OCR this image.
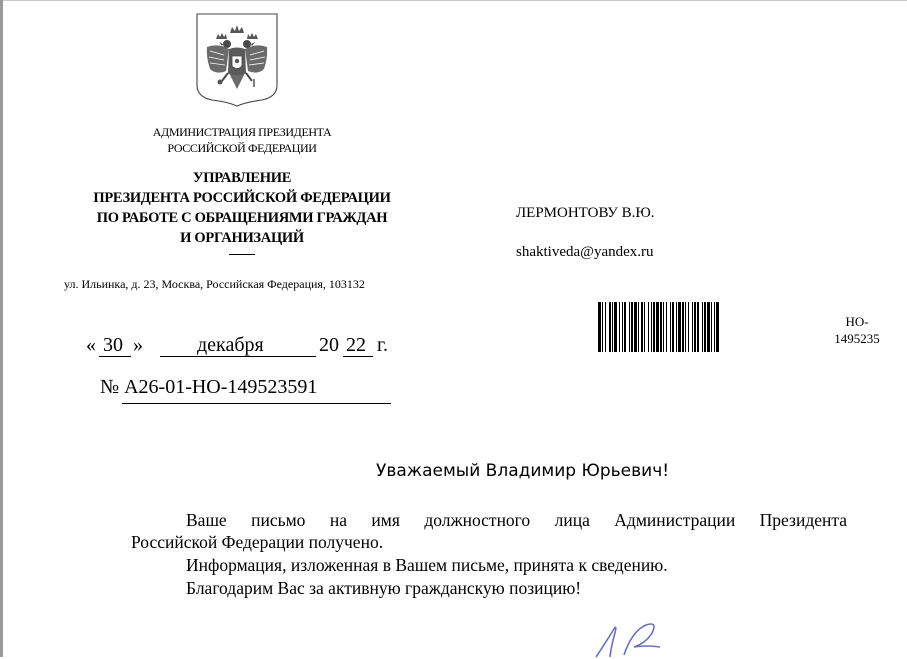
АДМИНИСТРАЦИЯ ПРЕЗИДЕНТА
РОССИЙСКОЙ ФЕДЕРАЦИИ
УПРАВЛЕНИЕ
ПРЕЗИДЕНТА РОССИЙСКОЙ ФЕДЕРАЦИИ
ПО РАБОТЕ С ОБРАЩЕНИЯМИ ГРАЖДАН
И ОРГАНИЗАЦИЙ
ул. Ильинка, д. 23, Москва, Российская Федерация, 103132
ЛЕРМОНТОВУ В.Ю.
shaktiveda@yandex.ru
« 30 »	декабря	20 22 г.
№ А26-01-НО-149523591
НО-
1495235
Уважаемый Владимир Юрьевич!
Ваше письмо на имя должностного лица Администрации Президента
Российской Федерации получено.
Информация, изложенная в Вашем письме, принята к сведению.
Благодарим Вас за активную гражданскую позицию!
